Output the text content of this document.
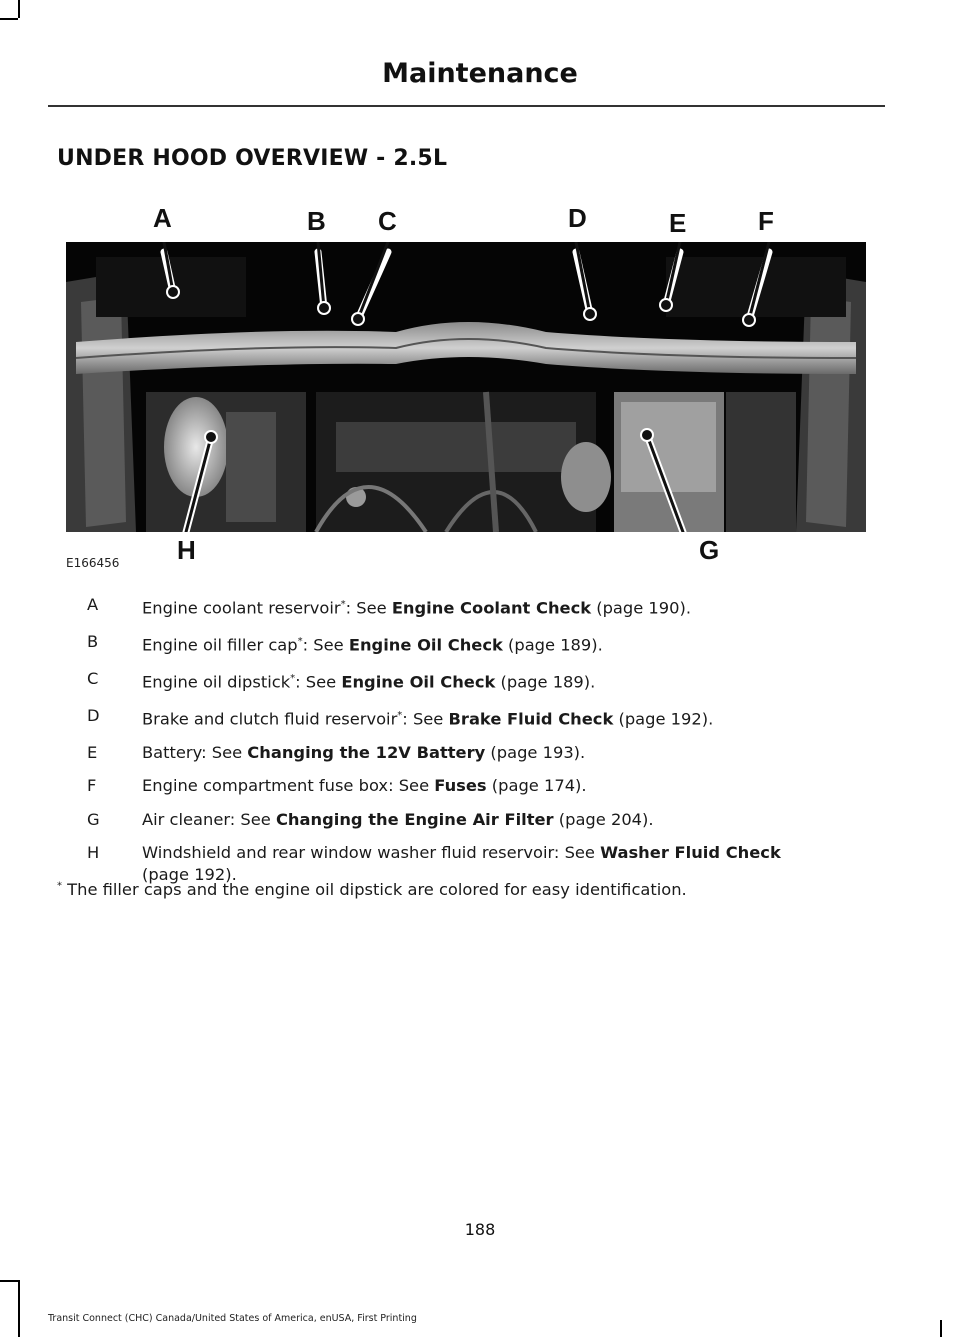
Maintenance
UNDER HOOD OVERVIEW - 2.5L
A	B C	D	E	F
H	G
E166456
A	Engine coolant reservoir*: See Engine Coolant Check (page 190).
B	Engine oil filler cap*: See Engine Oil Check (page 189).
C	Engine oil dipstick*: See Engine Oil Check (page 189).
D	Brake and clutch fluid reservoir*: See Brake Fluid Check (page 192).
E	Battery: See Changing the 12V Battery (page 193).
F	Engine compartment fuse box: See Fuses (page 174).
G	Air cleaner: See Changing the Engine Air Filter (page 204).
H	Windshield and rear window washer fluid reservoir: See Washer Fluid Check
(page 192).
* The filler caps and the engine oil dipstick are colored for easy identification.
188
Transit Connect (CHC) Canada/United States of America, enUSA, First Printing
